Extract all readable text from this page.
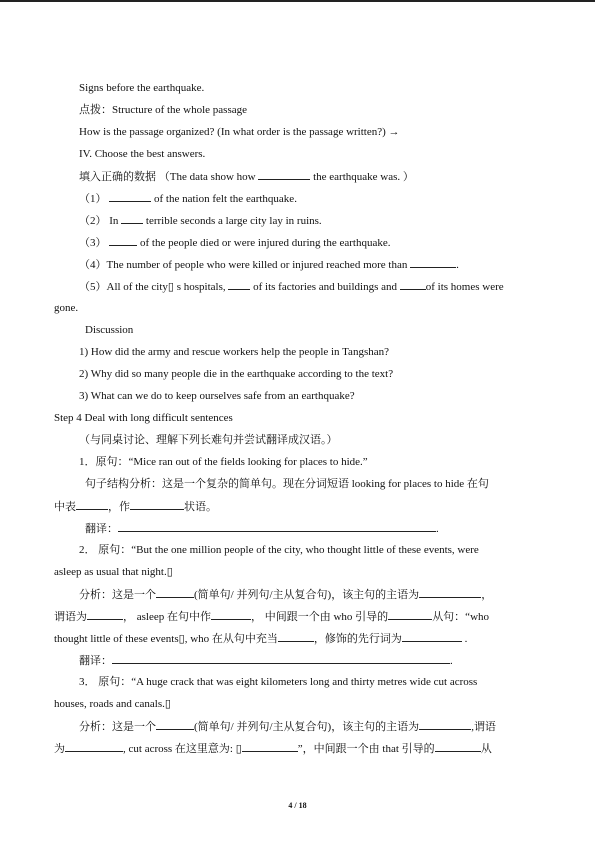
Signs before the earthquake.
点拨：Structure of the whole passage
How is the passage organized? (In what order is the passage written?) →
IV. Choose the best answers.
填入正确的数据 （The data show how	the earthquake was. ）
（1）	of the nation felt the earthquake.
（2） In  terrible seconds a large city lay in ruins.
（3）	of the people died or were injured during the earthquake.
（4）The number of people who were killed or injured reached more than	.
（5）All of the city▯ s hospitals,  of its factories and buildings and of its homes were
gone.
Discussion
1) How did the army and rescue workers help the people in Tangshan?
2) Why did so many people die in the earthquake according to the text?
3) What can we do to keep ourselves safe from an earthquake?
Step 4 Deal with long difficult sentences
（与同桌讨论、理解下列长难句并尝试翻译成汉语。）
1．原句：“Mice ran out of the fields looking for places to hide.”
句子结构分析：这是一个复杂的简单句。现在分词短语 looking for places to hide 在句
中表	，作	状语。
翻译：	.
2． 原句：“But the one million people of the city, who thought little of these events, were
asleep as usual that night.▯
分析：这是一个	(简单句/ 并列句/主从复合句)，该主句的主语为	，
谓语为	， asleep 在句中作	， 中间跟一个由 who 引导的	从句：“who
thought little of these events▯, who 在从句中充当	，修饰的先行词为	.
翻译：	.
3． 原句：“A huge crack that was eight kilometers long and thirty metres wide cut across
houses, roads and canals.▯
分析：这是一个	(简单句/ 并列句/主从复合句)，该主句的主语为	,谓语
为	, cut across 在这里意为: ▯	”，中间跟一个由 that 引导的	从
4 / 18
